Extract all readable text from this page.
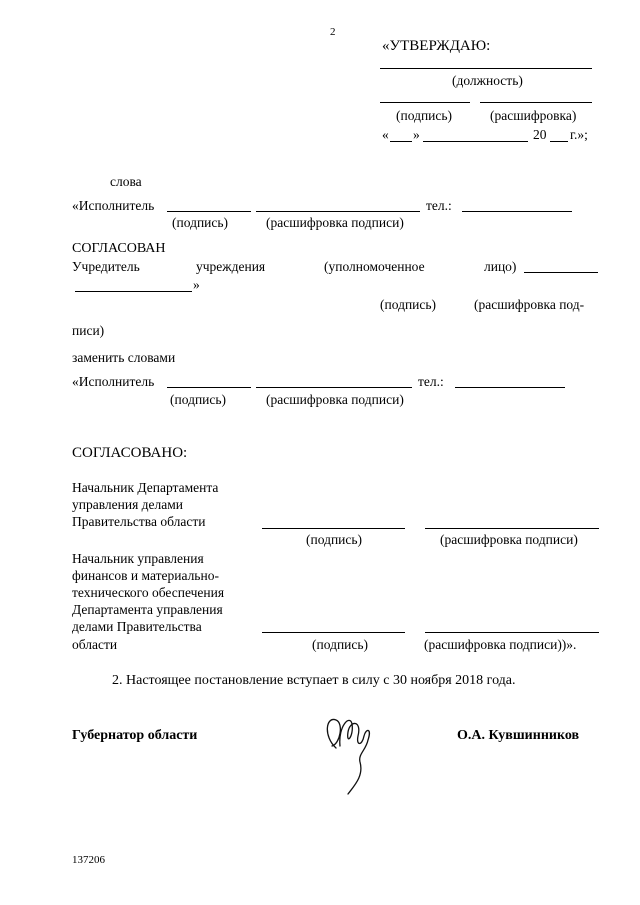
2
«УТВЕРЖДАЮ:
(должность)
(подпись)	(расшифровка)
« »	20 г.»;
слова
«Исполнитель	тел.:
(подпись)	(расшифровка подписи)
СОГЛАСОВАН
Учредитель	учреждения	(уполномоченное	лицо)
»
(подпись)	(расшифровка под-
писи)
заменить словами
«Исполнитель	тел.:
(подпись)	(расшифровка подписи)
СОГЛАСОВАНО:
Начальник Департамента
управления делами
Правительства области
(подпись)	(расшифровка подписи)
Начальник управления
финансов и материально-
технического обеспечения
Департамента управления
делами Правительства
области	(подпись)	(расшифровка подписи))».
2. Настоящее постановление вступает в силу с 30 ноября 2018 года.
Губернатор области	О.А. Кувшинников
137206
